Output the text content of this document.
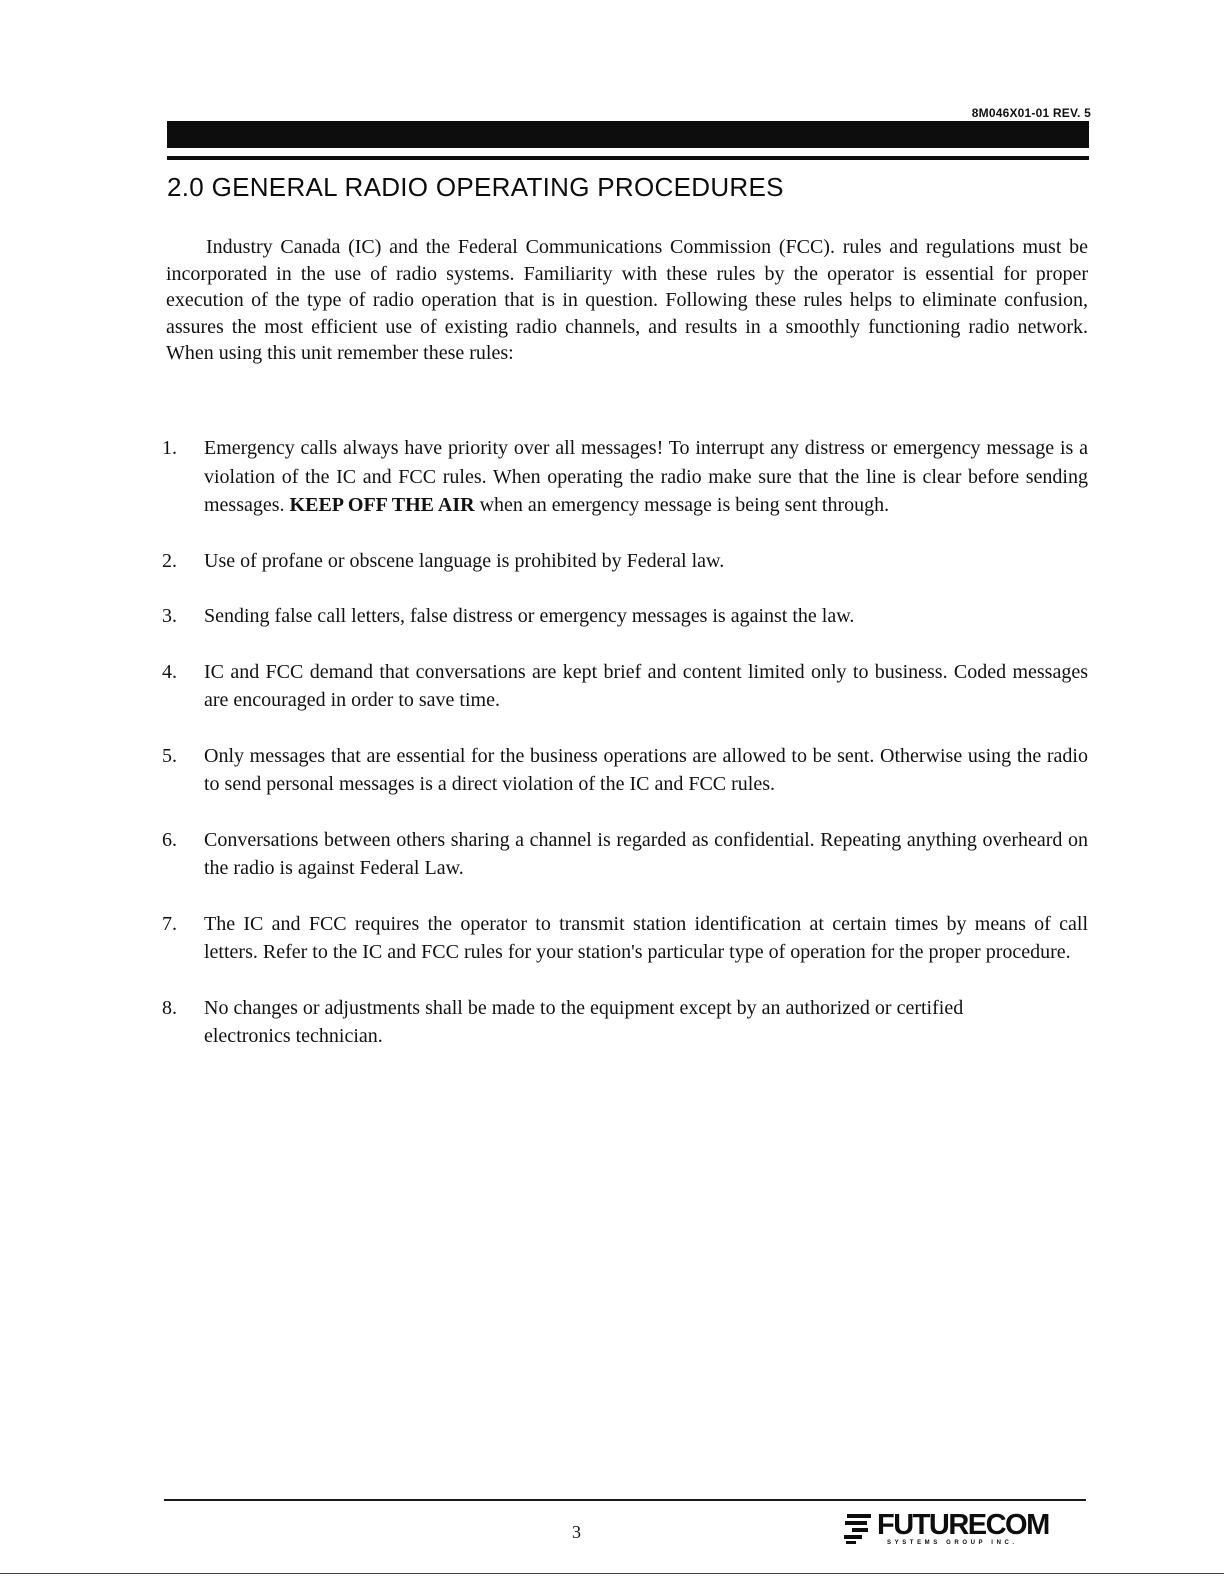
8M046X01-01 REV. 5
2.0 GENERAL RADIO OPERATING PROCEDURES

Industry Canada (IC) and the Federal Communications Commission (FCC). rules and regulations must be incorporated in the use of radio systems. Familiarity with these rules by the operator is essential for proper execution of the type of radio operation that is in question. Following these rules helps to eliminate confusion, assures the most efficient use of existing radio channels, and results in a smoothly functioning radio network. When using this unit remember these rules:

1. Emergency calls always have priority over all messages! To interrupt any distress or emergency message is a violation of the IC and FCC rules. When operating the radio make sure that the line is clear before sending messages. KEEP OFF THE AIR when an emergency message is being sent through.
2. Use of profane or obscene language is prohibited by Federal law.
3. Sending false call letters, false distress or emergency messages is against the law.
4. IC and FCC demand that conversations are kept brief and content limited only to business. Coded messages are encouraged in order to save time.
5. Only messages that are essential for the business operations are allowed to be sent. Otherwise using the radio to send personal messages is a direct violation of the IC and FCC rules.
6. Conversations between others sharing a channel is regarded as confidential. Repeating anything overheard on the radio is against Federal Law.
7. The IC and FCC requires the operator to transmit station identification at certain times by means of call letters. Refer to the IC and FCC rules for your station's particular type of operation for the proper procedure.
8. No changes or adjustments shall be made to the equipment except by an authorized or certified electronics technician.
3	FUTURECOM
SYSTEMS GROUP INC.
